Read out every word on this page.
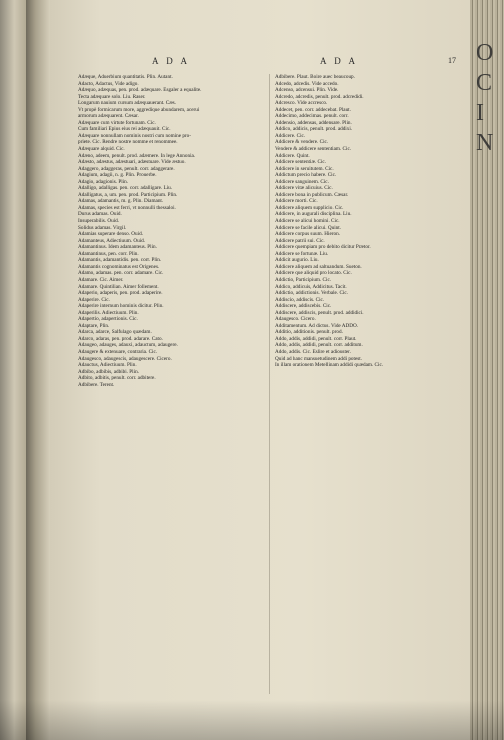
O C I N
A D A	A D A	17

Adæque, Aduerbium quantitatis. Plin. Autant.

Adacto, Adactus, Vide adigo.

Adæquo, adæquas, pen. prod. adæquare. Esgaler a equalite.

Tecta adæquare solo. Liu. Raser.

Longarum nauium cursum adæquauerant. Cæs.

Vt propè formicarum more, aggredique abundarem, acerui

armorum adæquarent. Cæsar.

Adæquare cum virtute fortunam. Cic.

Cum familiari Epius eius rei adæquauit. Cic.

Adæquare nonnullam nominis nostri cum nomine pro-

priete. Cic. Rendre nostre nomme et renommee.

Adæquare alquid. Cic.

Adæno, adeem, penult. prod. adæmere. In lege Annonia.

Adæsto, adæstus, adæstuari, adæstuare. Vide æstuo.

Adaggero, adaggeras, penult. corr. adaggerare.

Adagium, adagii, n. g. Plin. Prouerbe.

Adagio, adagionis. Plin.

Adalligo, adalligas. pen. corr. adalligare. Liu.

Adalligatus, a, um. pen. prod. Participium. Plin.

Adamas, adamantis, m. g. Plin. Diamant.

Adamas, species est ferri, vt nonnulli thessaloi.

Durus adamas. Ouid.

Insuperabilis. Ouid.

Solidus adamas. Virgil.

Adamias superare denso. Ouid.

Adamanteus, Adiectiuum. Ouid.

Adamantinus. Idem adamanteus. Plin.

Adamantinus, pen. corr. Plin.

Adamantis, adamantidis. pen. corr. Plin.

Adamantis cognominatus est Origenes.

Adamo, adamas. pen. corr. adamare. Cic.

Adamare. Cic. Aimer.

Adamare. Quintilian. Aimer follement.

Adaperio, adaperis, pen. prod. adaperire.

Adaperire. Cic.

Adaperire internum hominis dicitur. Plin.

Adaperilis. Adiectiuum. Plin.

Adapertio, adapertionis. Cic.

Adaptare, Plin.

Adarca, adarce, Salfulago quædam.

Adarco, adaras, pen. prod. adarare. Cato.

Adaugeo, adauges, adauxi, adauctum, adaugere.

Adaugere & extenuare, contraria. Cic.

Adaugesco, adaugescis, adaugescere. Cicero.

Adauctus, Adiectiuum. Plin.

Adbibo, adbibis, adbibi. Plin.

Adbito, adbitis, penult. corr. adbitere.

Adbibere. Terent.

Adbibere. Plaut. Boire auec beaucoup.

Adcedo, adcedis. Vide accedo.

Adcenso, adcensui. Plin. Vide.

Adcredo, adcredis, penult. prod. adcredidi.

Adcresco. Vide accresco.

Addecet, pen. corr. addecebat. Plaut.

Addecimo, addecimas. penult. corr.

Addensio, addensas, addensare. Plin.

Addico, addicis, penult. prod. addixi.

Addicere. Cic.

Addicere & vendere. Cic.

Vendere & addicere sententiam. Cic.

Addicere. Quint.

Addicere sententiæ. Cic.

Addicere in seruitutem. Cic.

Addictum precio habere. Cic.

Addicere sanguinem. Cic.

Addicere vitæ alicuius. Cic.

Addicere bona in publicum. Cæsar.

Addicere morti. Cic.

Addicere aliquem supplicio. Cic.

Addicere, in augurali disciplina. Liu.

Addicere se alicui homini. Cic.

Addicere se facile alicui. Quint.

Addicere corpus suum. Hieron.

Addicere patrii sui. Cic.

Addicere quempiam pro debito dicitur Prætor.

Addicere se fortunæ. Liu.

Addicit augurio. Liu.

Addicere aliquem ad saltuandum. Sueton.

Addicere que aliquid pro locato. Cic.

Addictio, Participium. Cic.

Addico, addicuis, Addicitus. Tacit.

Addictio, addictionis. Verbale. Cic.

Addiscio, addiscis. Cic.

Addiscere, addiscebis. Cic.

Addiscere, addiscis, penult. prod. addidici.

Adaugesco. Cicero.

Additamentum. Ad dictus. Vide ADDO.

Additio, additionis. penult. prod.

Addo, addis, addidi, penult. corr. Plaut.

Addo, addis, addidi, penult. corr. additum.

Addo, addis. Cic. Eslire et adiouster.

Quid ad hanc mansuetudinem addi potest.

In illam orationem Metellinam addidi quædam. Cic.
